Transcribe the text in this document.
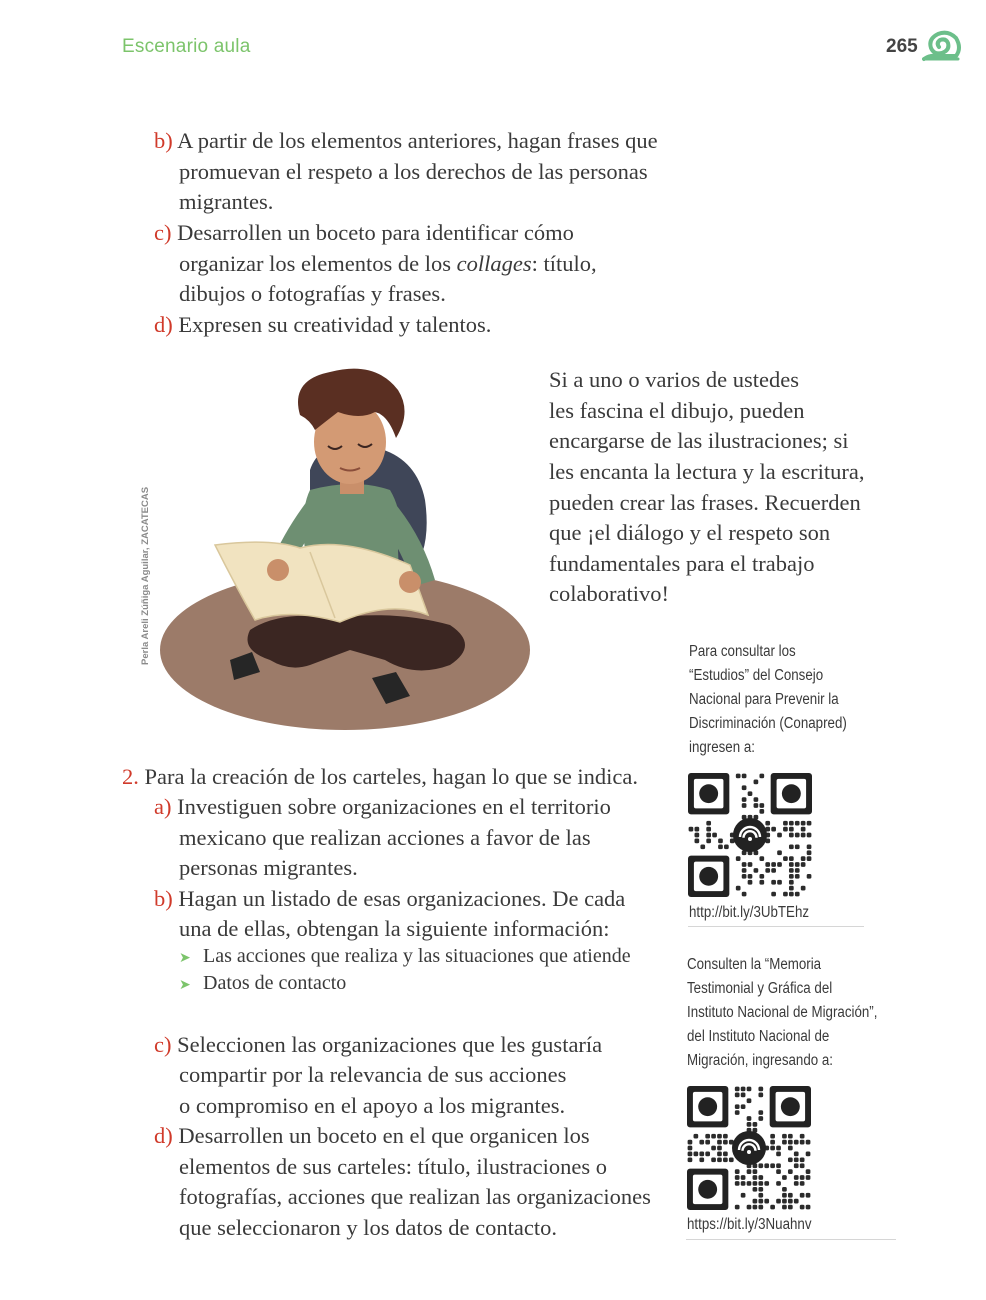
Escenario aula	265
b) A partir de los elementos anteriores, hagan frases que
promuevan el respeto a los derechos de las personas
migrantes.
c) Desarrollen un boceto para identificar cómo
organizar los elementos de los collages: título,
dibujos o fotografías y frases.
d) Expresen su creatividad y talentos.
Perla Areli Zúñiga Aguilar, ZACATECAS
Si a uno o varios de ustedes
les fascina el dibujo, pueden
encargarse de las ilustraciones; si
les encanta la lectura y la escritura,
pueden crear las frases. Recuerden
que ¡el diálogo y el respeto son
fundamentales para el trabajo
colaborativo!
2. Para la creación de los carteles, hagan lo que se indica.
a) Investiguen sobre organizaciones en el territorio
mexicano que realizan acciones a favor de las
personas migrantes.
b) Hagan un listado de esas organizaciones. De cada
una de ellas, obtengan la siguiente información:
➤ Las acciones que realiza y las situaciones que atiende
➤ Datos de contacto
c) Seleccionen las organizaciones que les gustaría
compartir por la relevancia de sus acciones
o compromiso en el apoyo a los migrantes.
d) Desarrollen un boceto en el que organicen los
elementos de sus carteles: título, ilustraciones o
fotografías, acciones que realizan las organizaciones
que seleccionaron y los datos de contacto.
Para consultar los
“Estudios” del Consejo
Nacional para Prevenir la
Discriminación (Conapred)
ingresen a:
http://bit.ly/3UbTEhz
Consulten la “Memoria
Testimonial y Gráfica del
Instituto Nacional de Migración”,
del Instituto Nacional de
Migración, ingresando a:
https://bit.ly/3Nuahnv
